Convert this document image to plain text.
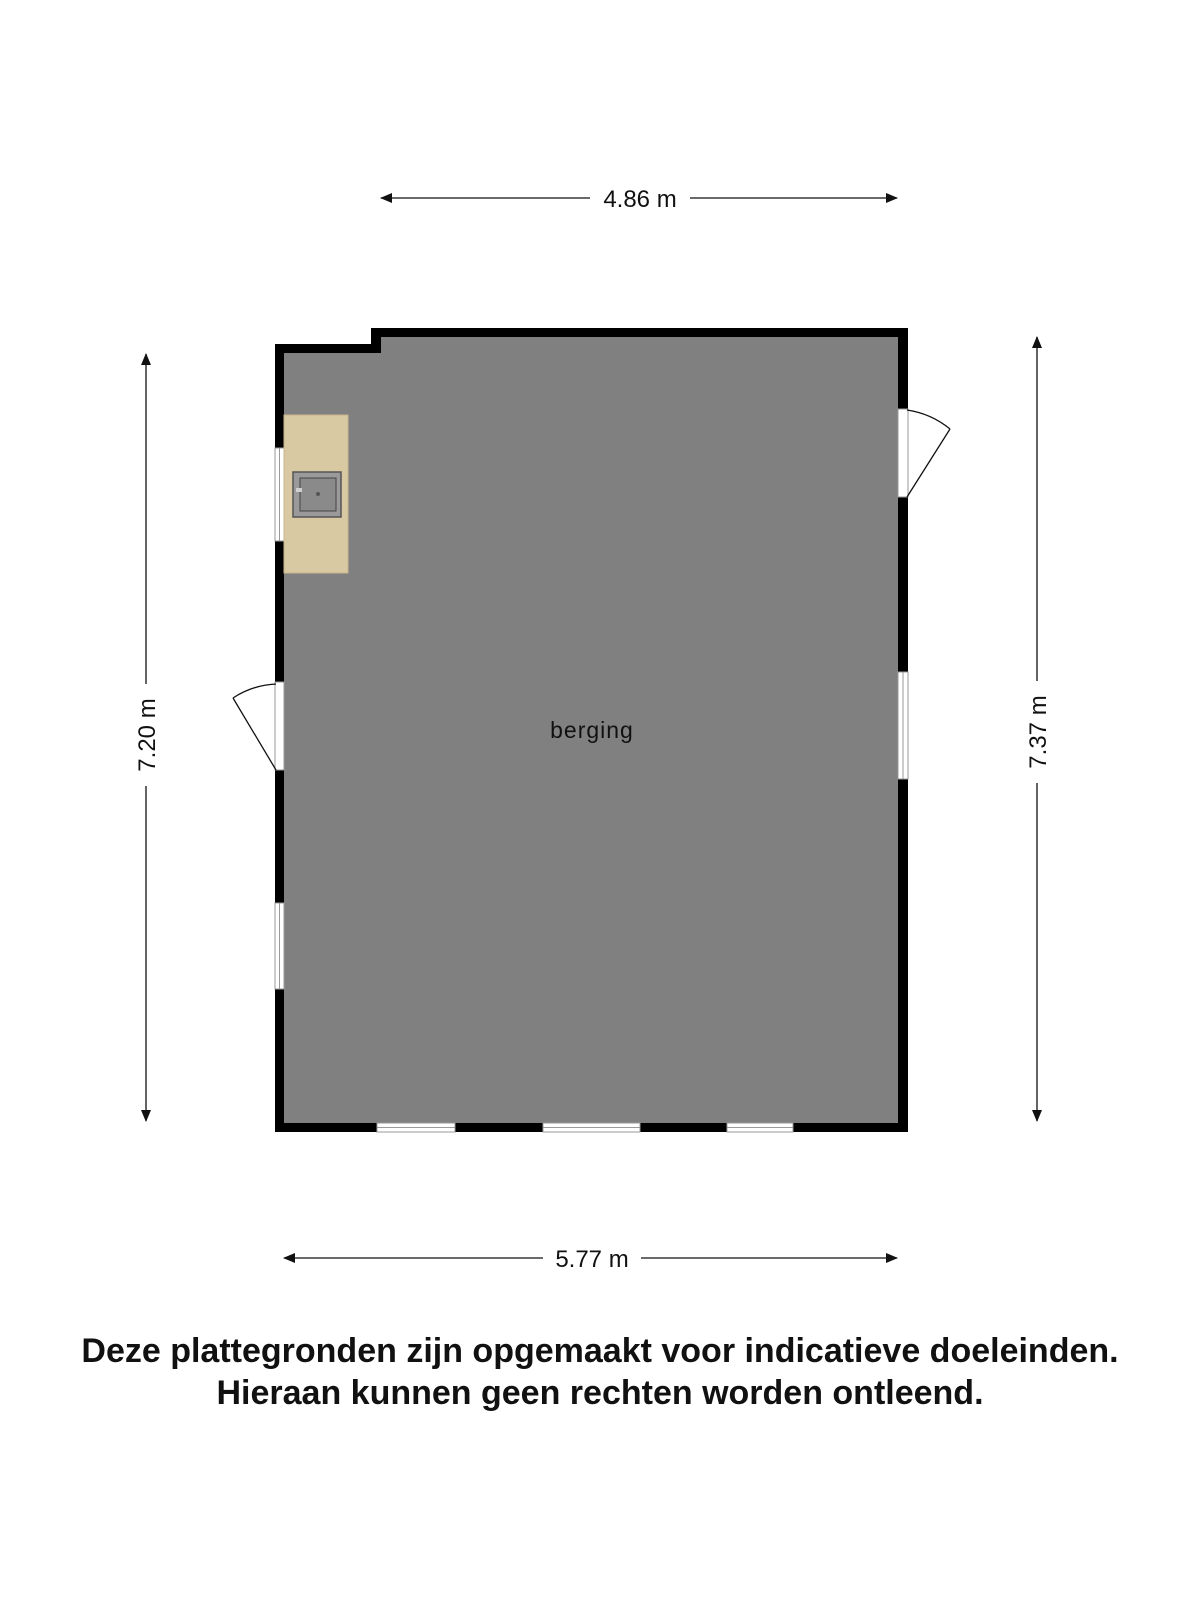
berging
4.86 m
5.77 m
7.20 m	7.37 m
Deze plattegronden zijn opgemaakt voor indicatieve doeleinden.
Hieraan kunnen geen rechten worden ontleend.
